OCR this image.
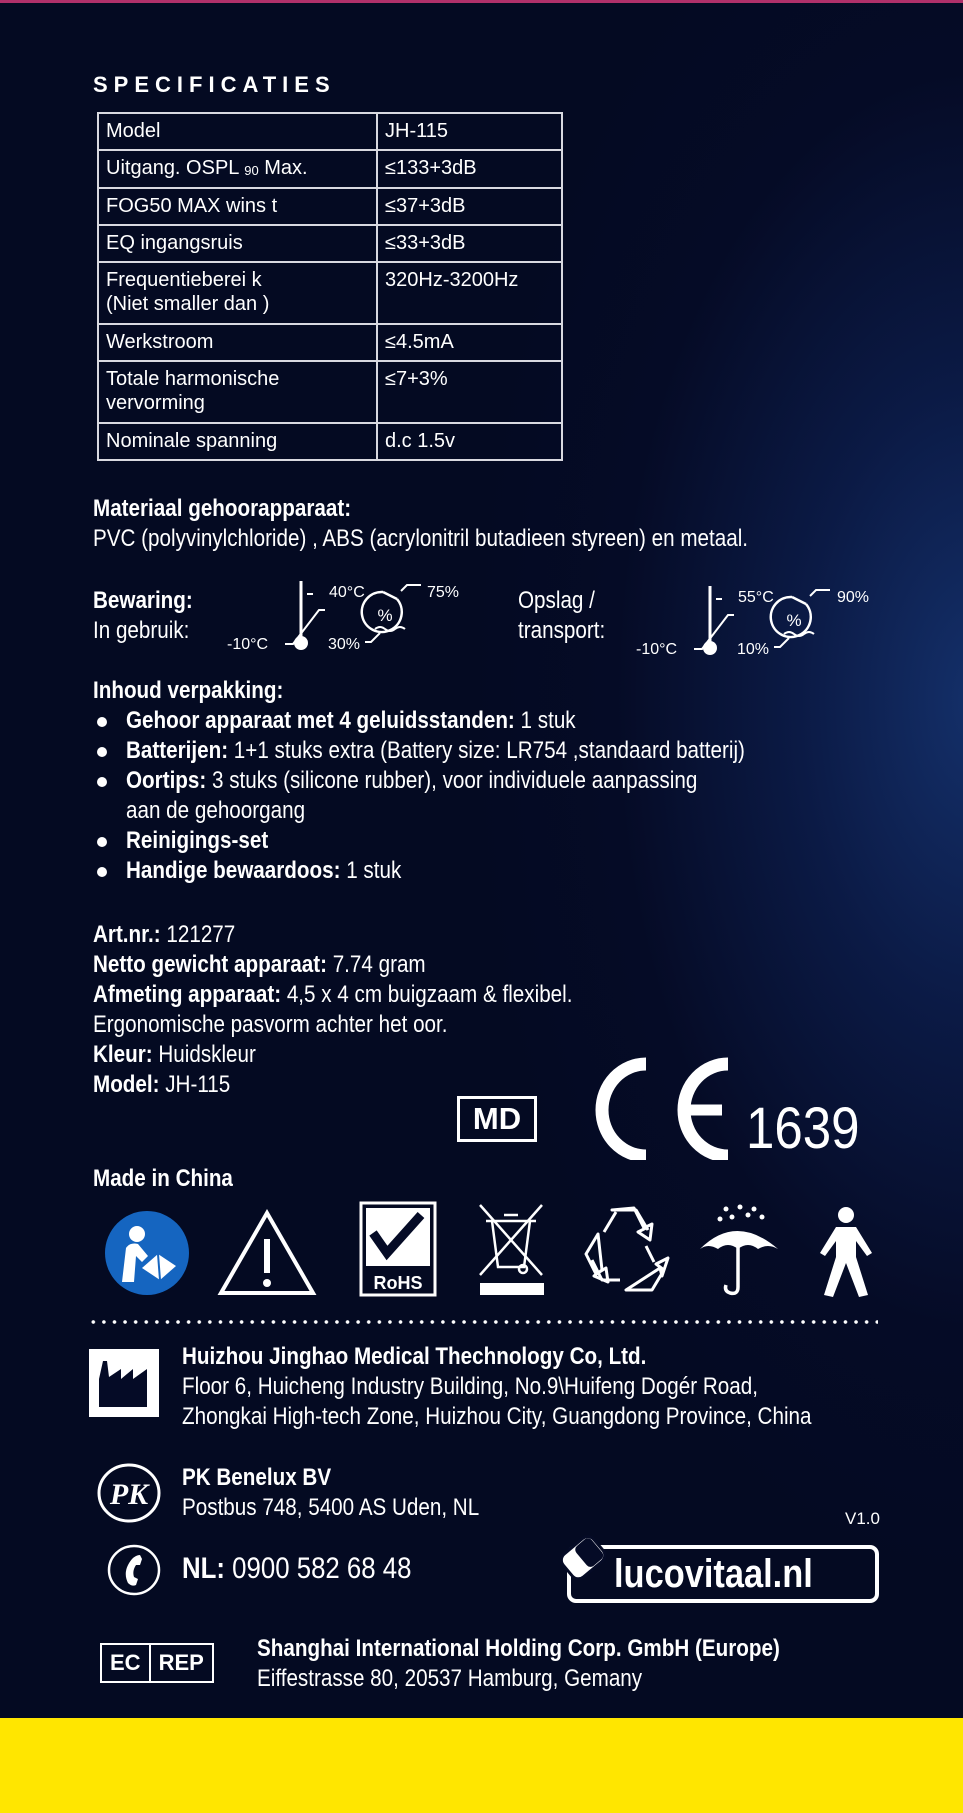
SPECIFICATIES
Model	JH-115
Uitgang. OSPL $_{90}$ Max.	≤133+3dB
FOG50 MAX wins t	≤37+3dB
EQ ingangsruis	≤33+3dB

Frequentieberei k
(Niet smaller dan )	320Hz-3200Hz
Werkstroom	≤4.5mA

Totale harmonische
vervorming	≤7+3%
Nominale spanning	d.c 1.5v
Materiaal gehoorapparaat:
PVC (polyvinylchloride) , ABS (acrylonitril butadieen styreen) en metaal.
Bewaring:
In gebruik:
%
-10°C
40°C
30%
75% Opslag /
transport:	%
-10°C
55°C
10%
90%
Inhoud verpakking:
Gehoor apparaat met 4 geluidsstanden: 1 stuk
Batterijen: 1+1 stuks extra (Battery size: LR754 ,standaard batterij)
Oortips: 3 stuks (silicone rubber), voor individuele aanpassing
aan de gehoorgang
Reinigings-set
Handige bewaardoos: 1 stuk
Art.nr.: 121277
Netto gewicht apparaat: 7.74 gram
Afmeting apparaat: 4,5 x 4 cm buigzaam & flexibel.
Ergonomische pasvorm achter het oor.
Kleur: Huidskleur
Model: JH-115
MD	1639
Made in China
RoHS
Huizhou Jinghao Medical Thechnology Co, Ltd.
Floor 6, Huicheng Industry Building, No.9\Huifeng Dogér Road,
Zhongkai High-tech Zone, Huizhou City, Guangdong Province, China
PK
PK Benelux BV
Postbus 748, 5400 AS Uden, NL	V1.0
NL: 0900 582 68 48	lucovitaal.nl
EC REP
Shanghai International Holding Corp. GmbH (Europe)
Eiffestrasse 80, 20537 Hamburg, Gemany
